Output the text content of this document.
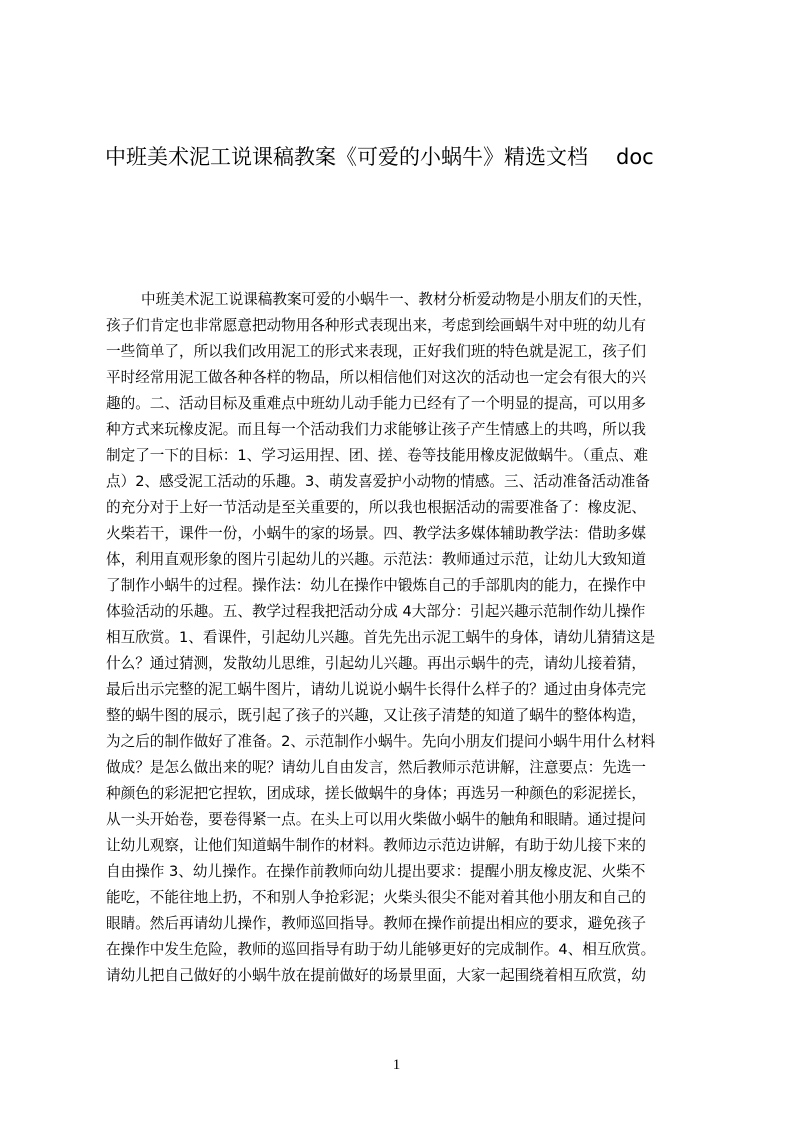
中班美术泥工说课稿教案《可爱的小蜗牛》精选文档 doc
中班美术泥工说课稿教案可爱的小蜗牛一、教材分析爱动物是小朋友们的天性，
孩子们肯定也非常愿意把动物用各种形式表现出来，考虑到绘画蜗牛对中班的幼儿有
一些简单了，所以我们改用泥工的形式来表现，正好我们班的特色就是泥工，孩子们
平时经常用泥工做各种各样的物品，所以相信他们对这次的活动也一定会有很大的兴
趣的。二、活动目标及重难点中班幼儿动手能力已经有了一个明显的提高，可以用多
种方式来玩橡皮泥。而且每一个活动我们力求能够让孩子产生情感上的共鸣，所以我
制定了一下的目标：1、学习运用捏、团、搓、卷等技能用橡皮泥做蜗牛。（重点、难
点）2、感受泥工活动的乐趣。3、萌发喜爱护小动物的情感。三、活动准备活动准备
的充分对于上好一节活动是至关重要的，所以我也根据活动的需要准备了：橡皮泥、
火柴若干，课件一份，小蜗牛的家的场景。四、教学法多媒体辅助教学法：借助多媒
体，利用直观形象的图片引起幼儿的兴趣。示范法：教师通过示范，让幼儿大致知道
了制作小蜗牛的过程。操作法：幼儿在操作中锻炼自己的手部肌肉的能力，在操作中
体验活动的乐趣。五、教学过程我把活动分成 4大部分：引起兴趣示范制作幼儿操作
相互欣赏。1、看课件，引起幼儿兴趣。首先先出示泥工蜗牛的身体，请幼儿猜猜这是
什么？通过猜测，发散幼儿思维，引起幼儿兴趣。再出示蜗牛的壳，请幼儿接着猜，
最后出示完整的泥工蜗牛图片，请幼儿说说小蜗牛长得什么样子的？通过由身体壳完
整的蜗牛图的展示，既引起了孩子的兴趣，又让孩子清楚的知道了蜗牛的整体构造，
为之后的制作做好了准备。2、示范制作小蜗牛。先向小朋友们提问小蜗牛用什么材料
做成？是怎么做出来的呢？请幼儿自由发言，然后教师示范讲解，注意要点：先选一
种颜色的彩泥把它捏软，团成球，搓长做蜗牛的身体；再选另一种颜色的彩泥搓长，
从一头开始卷，要卷得紧一点。在头上可以用火柴做小蜗牛的触角和眼睛。通过提问
让幼儿观察，让他们知道蜗牛制作的材料。教师边示范边讲解，有助于幼儿接下来的
自由操作 3、幼儿操作。在操作前教师向幼儿提出要求：提醒小朋友橡皮泥、火柴不
能吃，不能往地上扔，不和别人争抢彩泥；火柴头很尖不能对着其他小朋友和自己的
眼睛。然后再请幼儿操作，教师巡回指导。教师在操作前提出相应的要求，避免孩子
在操作中发生危险，教师的巡回指导有助于幼儿能够更好的完成制作。4、相互欣赏。
请幼儿把自己做好的小蜗牛放在提前做好的场景里面，大家一起围绕着相互欣赏，幼
1
